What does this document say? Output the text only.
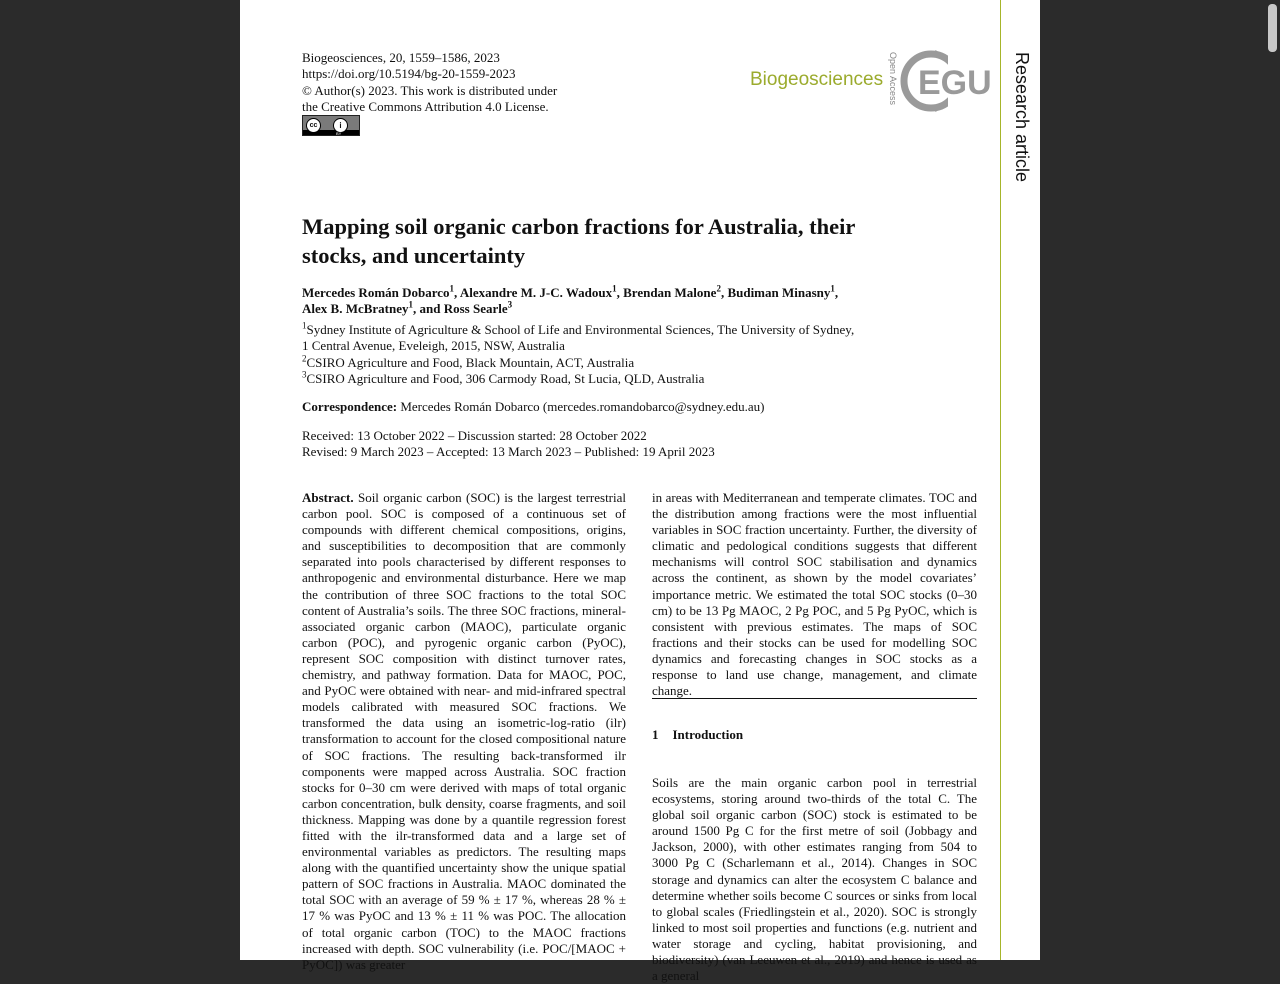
Biogeosciences, 20, 1559–1586, 2023
https://doi.org/10.5194/bg-20-1559-2023
© Author(s) 2023. This work is distributed under
the Creative Commons Attribution 4.0 License.
cc	i
BY
Biogeosciences Open Access EGU Research article
Mapping soil organic carbon fractions for Australia, their stocks, and uncertainty
Mercedes Román Dobarco$^1$, Alexandre M. J-C. Wadoux$^1$, Brendan Malone$^2$, Budiman Minasny$^1$,
Alex B. McBratney$^1$, and Ross Searle$^3$
$^1$Sydney Institute of Agriculture & School of Life and Environmental Sciences, The University of Sydney,
1 Central Avenue, Eveleigh, 2015, NSW, Australia
$^2$CSIRO Agriculture and Food, Black Mountain, ACT, Australia
$^3$CSIRO Agriculture and Food, 306 Carmody Road, St Lucia, QLD, Australia
Correspondence: Mercedes Román Dobarco (mercedes.romandobarco@sydney.edu.au)
Received: 13 October 2022 – Discussion started: 28 October 2022
Revised: 9 March 2023 – Accepted: 13 March 2023 – Published: 19 April 2023
Abstract. Soil organic carbon (SOC) is the largest terrestrial carbon pool. SOC is composed of a continuous set of compounds with different chemical compositions, origins, and susceptibilities to decomposition that are commonly separated into pools characterised by different responses to anthropogenic and environmental disturbance. Here we map the contribution of three SOC fractions to the total SOC content of Australia’s soils. The three SOC fractions, mineral-associated organic carbon (MAOC), particulate organic carbon (POC), and pyrogenic organic carbon (PyOC), represent SOC composition with distinct turnover rates, chemistry, and pathway formation. Data for MAOC, POC, and PyOC were obtained with near- and mid-infrared spectral models calibrated with measured SOC fractions. We transformed the data using an isometric-log-ratio (ilr) transformation to account for the closed compositional nature of SOC fractions. The resulting back-transformed ilr components were mapped across Australia. SOC fraction stocks for 0–30 cm were derived with maps of total organic carbon concentration, bulk density, coarse fragments, and soil thickness. Mapping was done by a quantile regression forest fitted with the ilr-transformed data and a large set of environmental variables as predictors. The resulting maps along with the quantified uncertainty show the unique spatial pattern of SOC fractions in Australia. MAOC dominated the total SOC with an average of 59 % ± 17 %, whereas 28 % ± 17 % was PyOC and 13 % ± 11 % was POC. The allocation of total organic carbon (TOC) to the MAOC fractions increased with depth. SOC vulnerability (i.e. POC/[MAOC + PyOC]) was greater
in areas with Mediterranean and temperate climates. TOC and the distribution among fractions were the most influential variables in SOC fraction uncertainty. Further, the diversity of climatic and pedological conditions suggests that different mechanisms will control SOC stabilisation and dynamics across the continent, as shown by the model covariates’ importance metric. We estimated the total SOC stocks (0–30 cm) to be 13 Pg MAOC, 2 Pg POC, and 5 Pg PyOC, which is consistent with previous estimates. The maps of SOC fractions and their stocks can be used for modelling SOC dynamics and forecasting changes in SOC stocks as a response to land use change, management, and climate change.
1 Introduction
Soils are the main organic carbon pool in terrestrial ecosystems, storing around two-thirds of the total C. The global soil organic carbon (SOC) stock is estimated to be around 1500 Pg C for the first metre of soil (Jobbagy and Jackson, 2000), with other estimates ranging from 504 to 3000 Pg C (Scharlemann et al., 2014). Changes in SOC storage and dynamics can alter the ecosystem C balance and determine whether soils become C sources or sinks from local to global scales (Friedlingstein et al., 2020). SOC is strongly linked to most soil properties and functions (e.g. nutrient and water storage and cycling, habitat provisioning, and biodiversity) (van Leeuwen et al., 2019) and hence is used as a general
